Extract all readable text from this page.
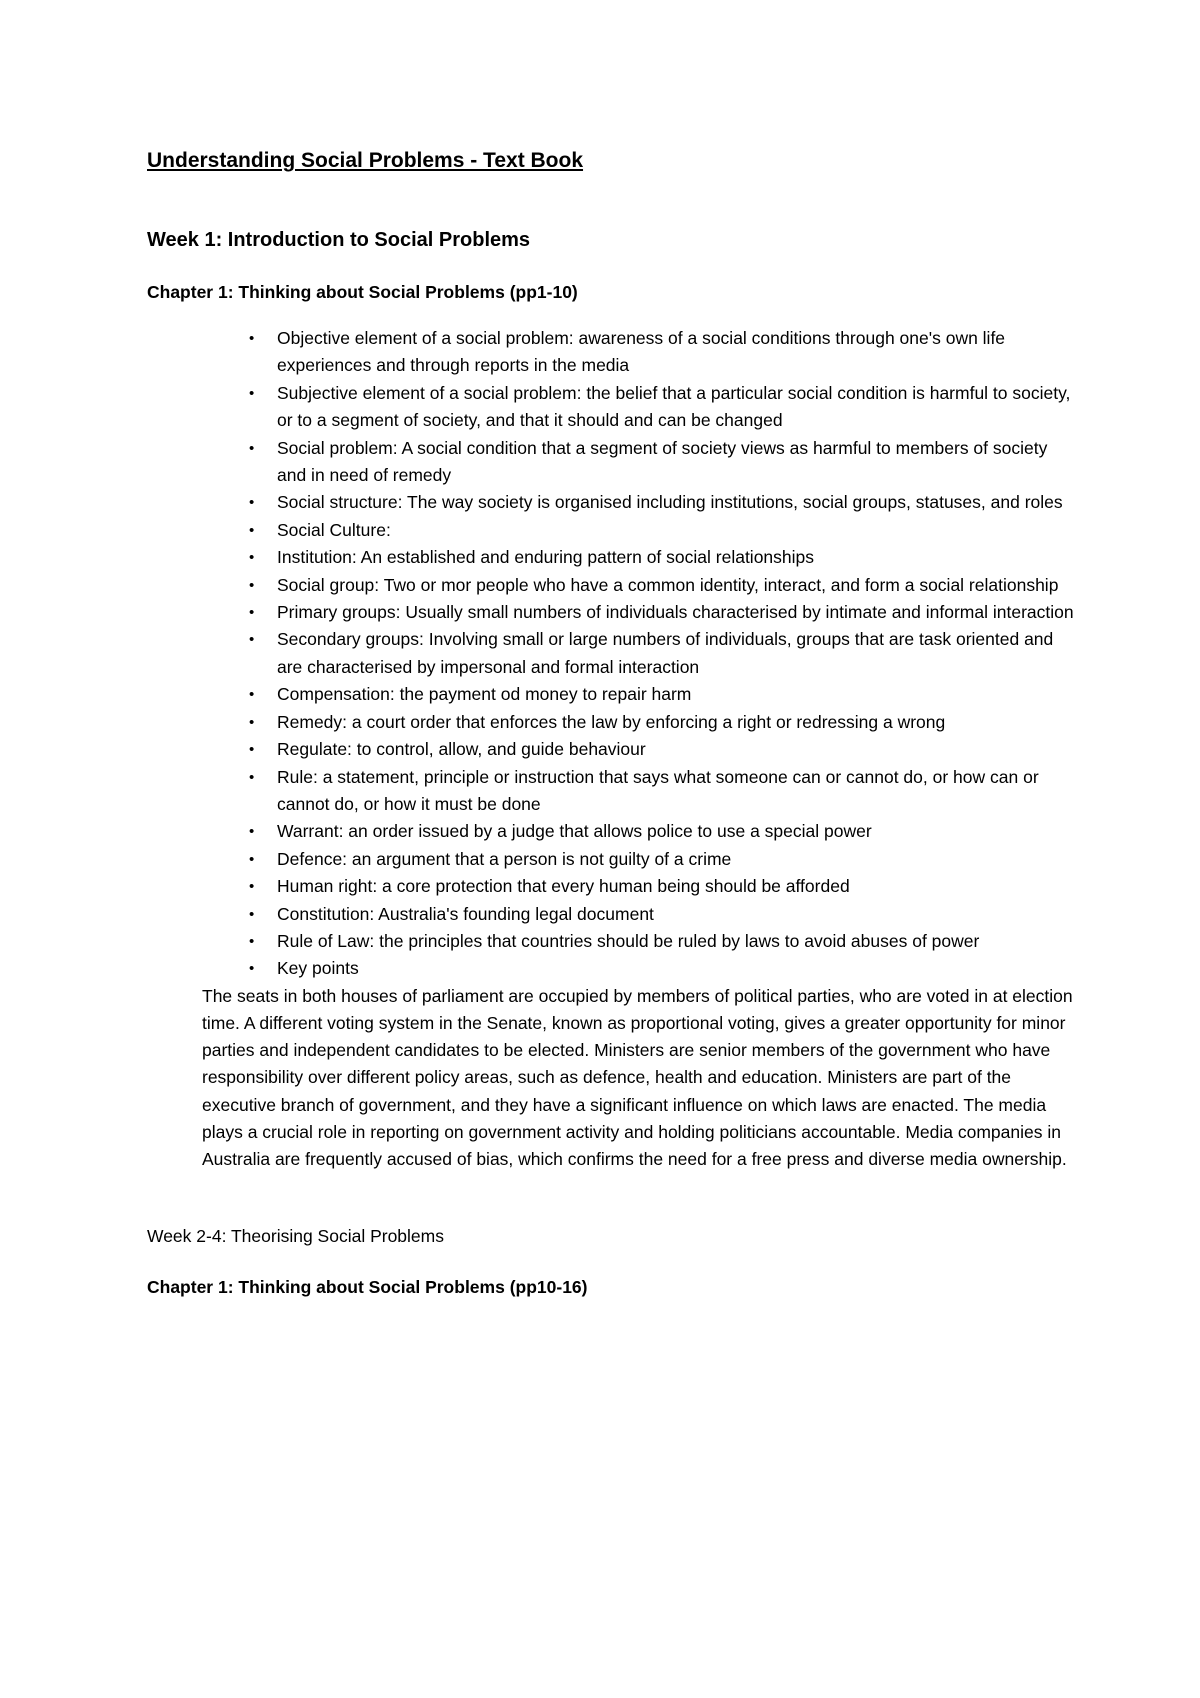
Understanding Social Problems - Text Book
Week 1: Introduction to Social Problems
Chapter 1: Thinking about Social Problems (pp1-10)
• Objective element of a social problem: awareness of a social conditions through one's own life experiences and through reports in the media
• Subjective element of a social problem: the belief that a particular social condition is harmful to society, or to a segment of society, and that it should and can be changed
• Social problem: A social condition that a segment of society views as harmful to members of society and in need of remedy
• Social structure: The way society is organised including institutions, social groups, statuses, and roles
• Social Culture:
• Institution: An established and enduring pattern of social relationships
• Social group: Two or mor people who have a common identity, interact, and form a social relationship
• Primary groups: Usually small numbers of individuals characterised by intimate and informal interaction
• Secondary groups: Involving small or large numbers of individuals, groups that are task oriented and are characterised by impersonal and formal interaction
• Compensation: the payment od money to repair harm
• Remedy: a court order that enforces the law by enforcing a right or redressing a wrong
• Regulate: to control, allow, and guide behaviour
• Rule: a statement, principle or instruction that says what someone can or cannot do, or how can or cannot do, or how it must be done
• Warrant: an order issued by a judge that allows police to use a special power
• Defence: an argument that a person is not guilty of a crime
• Human right: a core protection that every human being should be afforded
• Constitution: Australia's founding legal document
• Rule of Law: the principles that countries should be ruled by laws to avoid abuses of power
• Key points

The seats in both houses of parliament are occupied by members of political parties, who are voted in at election time. A different voting system in the Senate, known as proportional voting, gives a greater opportunity for minor parties and independent candidates to be elected. Ministers are senior members of the government who have responsibility over different policy areas, such as defence, health and education. Ministers are part of the executive branch of government, and they have a significant influence on which laws are enacted. The media plays a crucial role in reporting on government activity and holding politicians accountable. Media companies in Australia are frequently accused of bias, which confirms the need for a free press and diverse media ownership.

Week 2-4: Theorising Social Problems
Chapter 1: Thinking about Social Problems (pp10-16)
